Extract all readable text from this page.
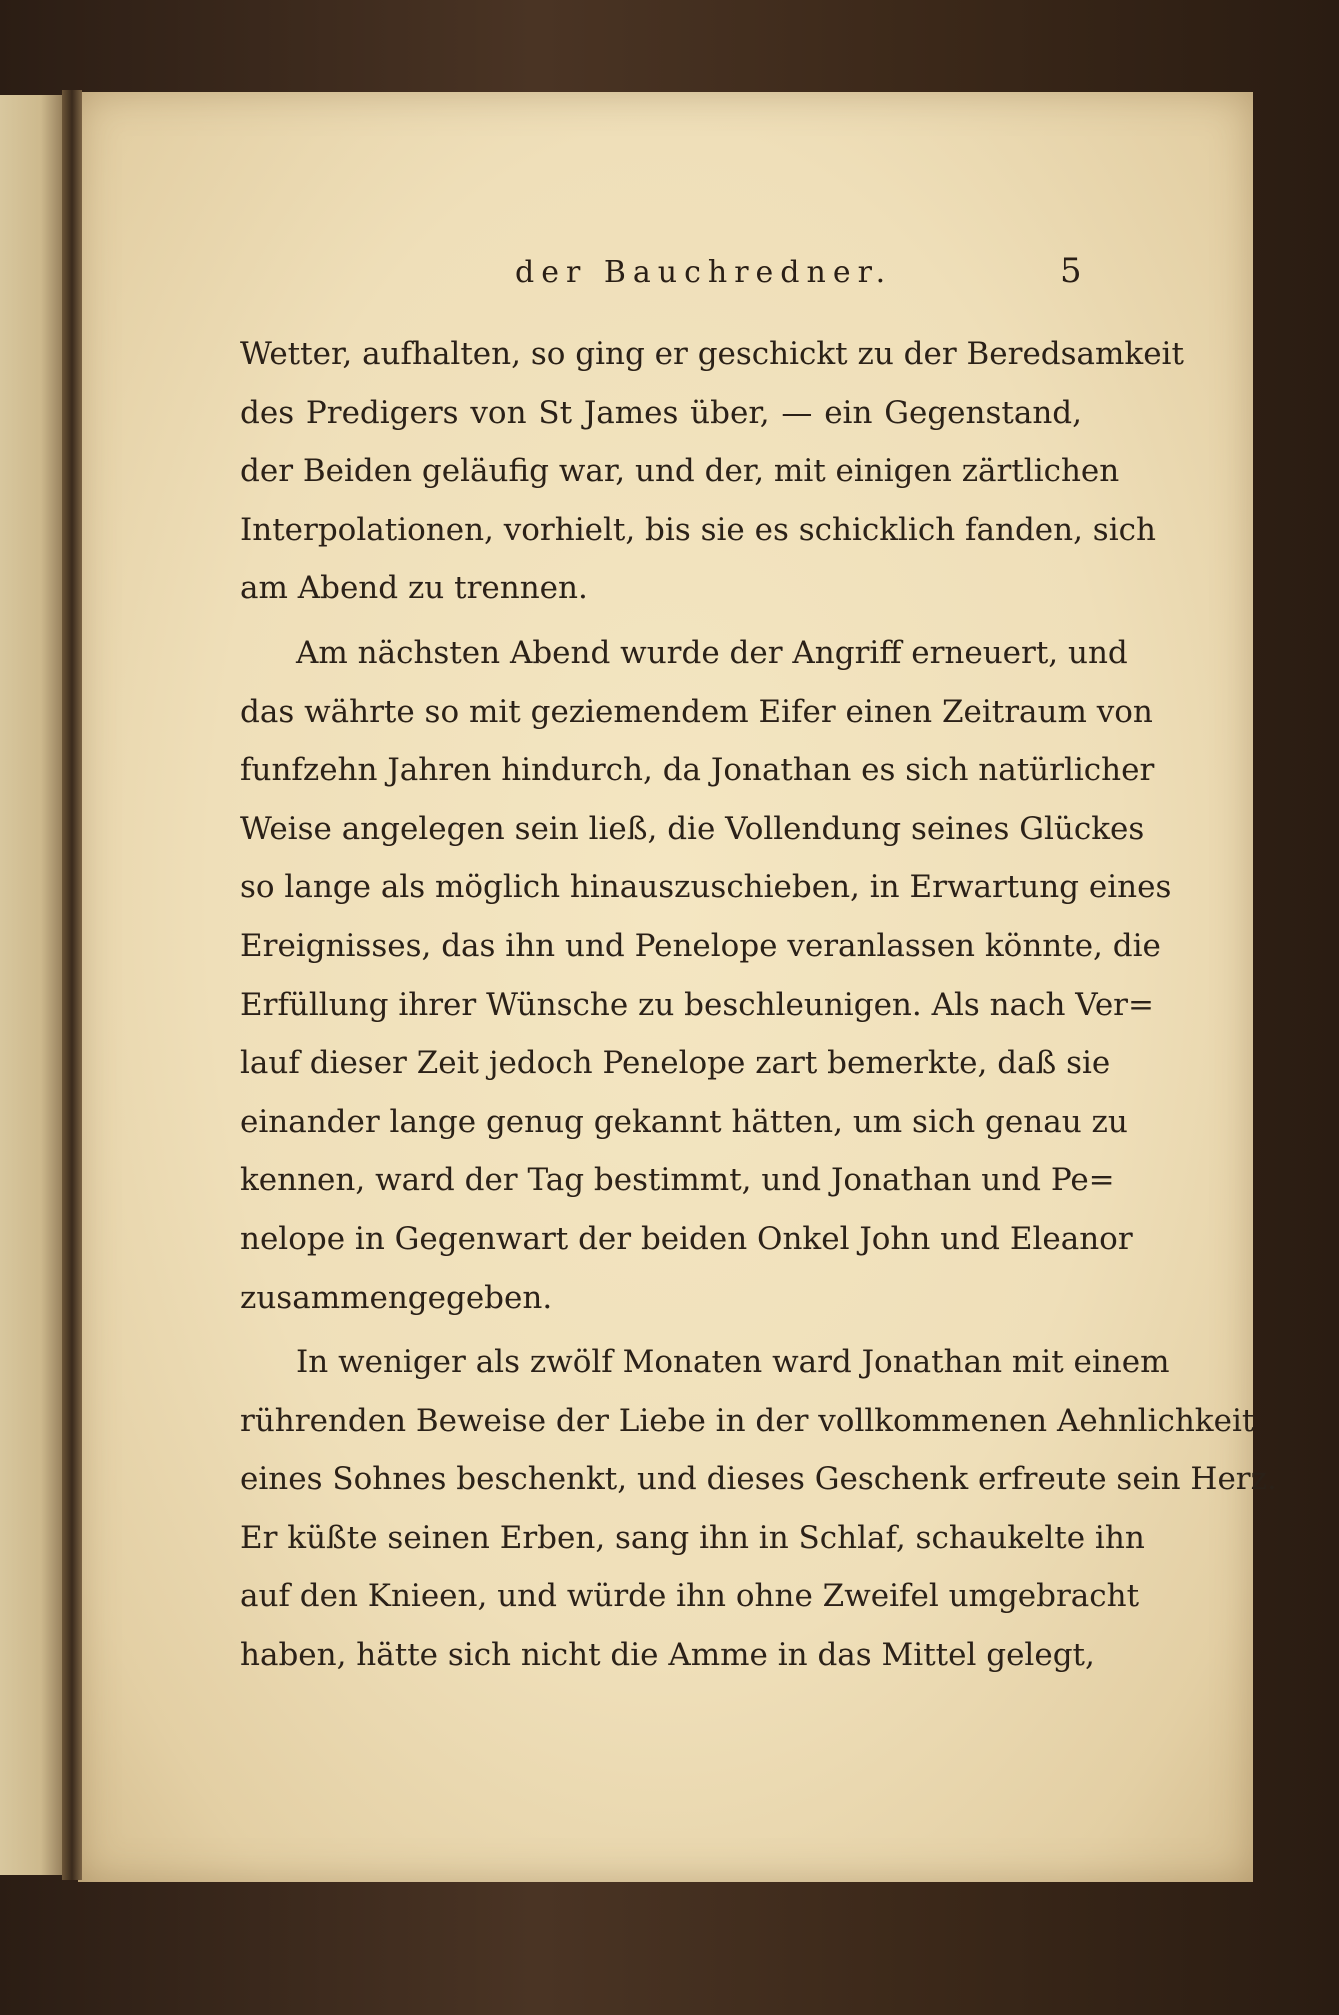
der Bauchredner.	5
Wetter, aufhalten, so ging er geschickt zu der Beredsamkeit
des Predigers von St James über, — ein Gegenstand,
der Beiden geläufig war, und der, mit einigen zärtlichen
Interpolationen, vorhielt, bis sie es schicklich fanden, sich
am Abend zu trennen.
Am nächsten Abend wurde der Angriff erneuert, und
das währte so mit geziemendem Eifer einen Zeitraum von
funfzehn Jahren hindurch, da Jonathan es sich natürlicher
Weise angelegen sein ließ, die Vollendung seines Glückes
so lange als möglich hinauszuschieben, in Erwartung eines
Ereignisses, das ihn und Penelope veranlassen könnte, die
Erfüllung ihrer Wünsche zu beschleunigen. Als nach Ver=
lauf dieser Zeit jedoch Penelope zart bemerkte, daß sie
einander lange genug gekannt hätten, um sich genau zu
kennen, ward der Tag bestimmt, und Jonathan und Pe=
nelope in Gegenwart der beiden Onkel John und Eleanor
zusammengegeben.
In weniger als zwölf Monaten ward Jonathan mit einem
rührenden Beweise der Liebe in der vollkommenen Aehnlichkeit
eines Sohnes beschenkt, und dieses Geschenk erfreute sein Herz.
Er küßte seinen Erben, sang ihn in Schlaf, schaukelte ihn
auf den Knieen, und würde ihn ohne Zweifel umgebracht
haben, hätte sich nicht die Amme in das Mittel gelegt,
